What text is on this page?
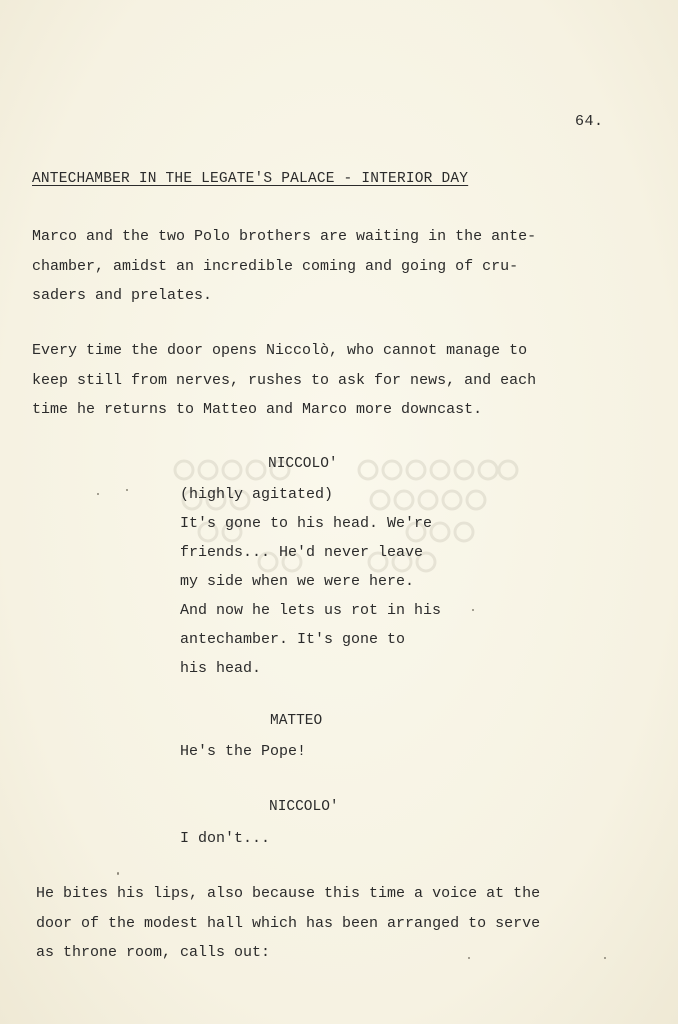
64.
ANTECHAMBER IN THE LEGATE'S PALACE - INTERIOR DAY
Marco and the two Polo brothers are waiting in the ante-
chamber, amidst an incredible coming and going of cru-
saders and prelates.
Every time the door opens Niccolò, who cannot manage to
keep still from nerves, rushes to ask for news, and each
time he returns to Matteo and Marco more downcast.
NICCOLO'
(highly agitated)
It's gone to his head. We're
friends... He'd never leave
my side when we were here.
And now he lets us rot in his
antechamber. It's gone to
his head.
MATTEO
He's the Pope!
NICCOLO'
I don't...
He bites his lips, also because this time a voice at the
door of the modest hall which has been arranged to serve
as throne room, calls out:
